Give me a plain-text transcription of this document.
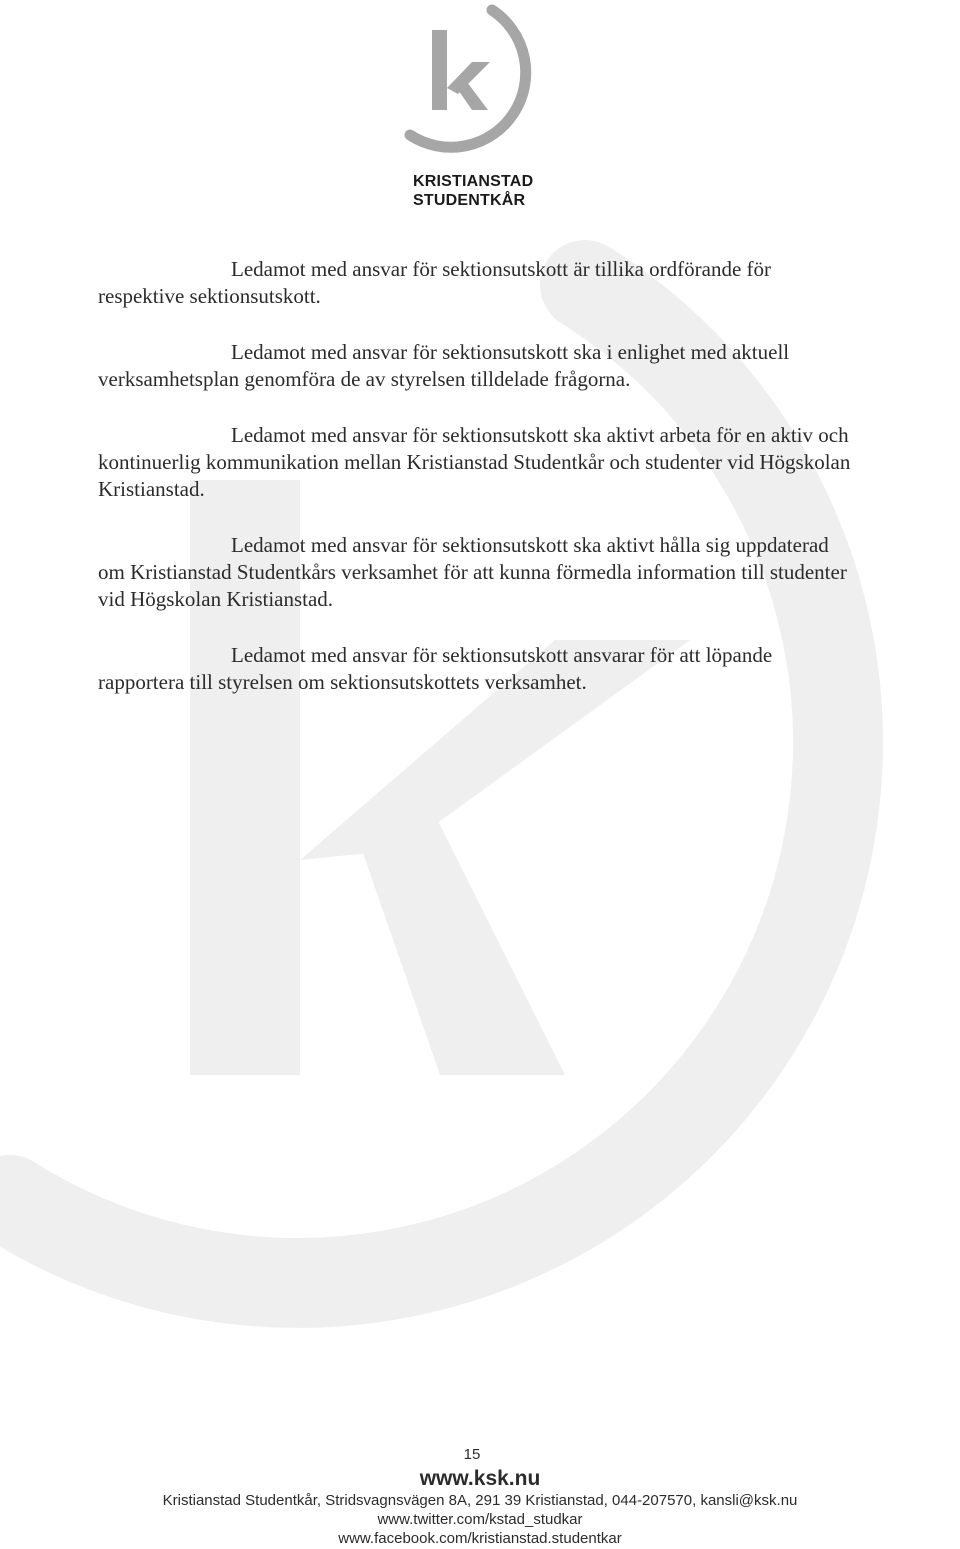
KRISTIANSTAD
STUDENTKÅR

Ledamot med ansvar för sektionsutskott är tillika ordförande för respektive sektionsutskott.

Ledamot med ansvar för sektionsutskott ska i enlighet med aktuell verksamhetsplan genomföra de av styrelsen tilldelade frågorna.

Ledamot med ansvar för sektionsutskott ska aktivt arbeta för en aktiv och kontinuerlig kommunikation mellan Kristianstad Studentkår och studenter vid Högskolan Kristianstad.

Ledamot med ansvar för sektionsutskott ska aktivt hålla sig uppdaterad om Kristianstad Studentkårs verksamhet för att kunna förmedla information till studenter vid Högskolan Kristianstad.

Ledamot med ansvar för sektionsutskott ansvarar för att löpande rapportera till styrelsen om sektionsutskottets verksamhet.

15
www.ksk.nu
Kristianstad Studentkår, Stridsvagnsvägen 8A, 291 39 Kristianstad, 044-207570, kansli@ksk.nu
www.twitter.com/kstad_studkar
www.facebook.com/kristianstad.studentkar
